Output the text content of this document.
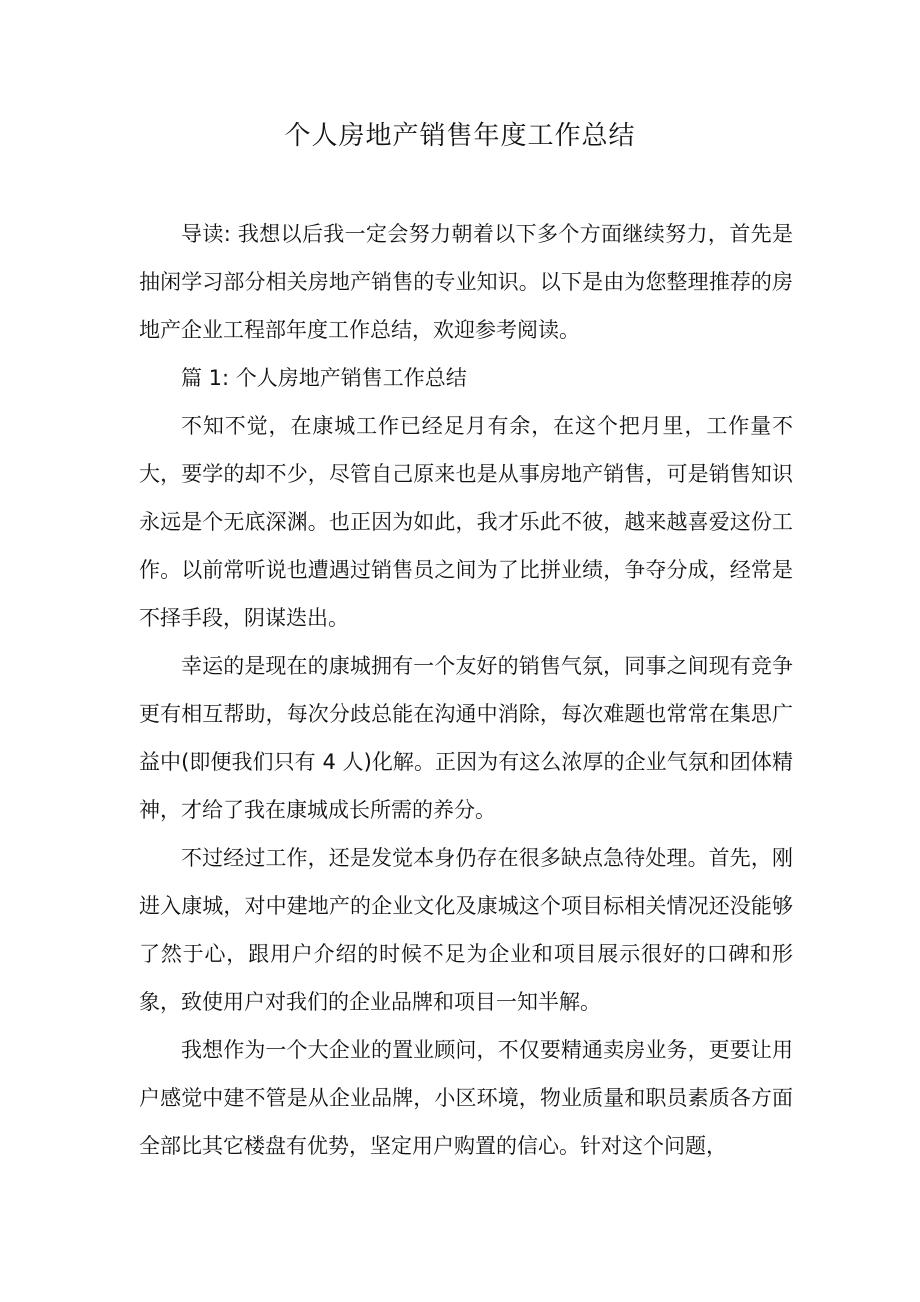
个人房地产销售年度工作总结

导读: 我想以后我一定会努力朝着以下多个方面继续努力，首先是抽闲学习部分相关房地产销售的专业知识。以下是由为您整理推荐的房地产企业工程部年度工作总结，欢迎参考阅读。

篇 1: 个人房地产销售工作总结

不知不觉，在康城工作已经足月有余，在这个把月里，工作量不大，要学的却不少，尽管自己原来也是从事房地产销售，可是销售知识永远是个无底深渊。也正因为如此，我才乐此不彼，越来越喜爱这份工作。以前常听说也遭遇过销售员之间为了比拼业绩，争夺分成，经常是不择手段，阴谋迭出。

幸运的是现在的康城拥有一个友好的销售气氛，同事之间现有竞争更有相互帮助，每次分歧总能在沟通中消除，每次难题也常常在集思广益中(即便我们只有 4 人)化解。正因为有这么浓厚的企业气氛和团体精神，才给了我在康城成长所需的养分。

不过经过工作，还是发觉本身仍存在很多缺点急待处理。首先，刚进入康城，对中建地产的企业文化及康城这个项目标相关情况还没能够了然于心，跟用户介绍的时候不足为企业和项目展示很好的口碑和形象，致使用户对我们的企业品牌和项目一知半解。

我想作为一个大企业的置业顾问，不仅要精通卖房业务，更要让用户感觉中建不管是从企业品牌，小区环境，物业质量和职员素质各方面全部比其它楼盘有优势，坚定用户购置的信心。针对这个问题，
